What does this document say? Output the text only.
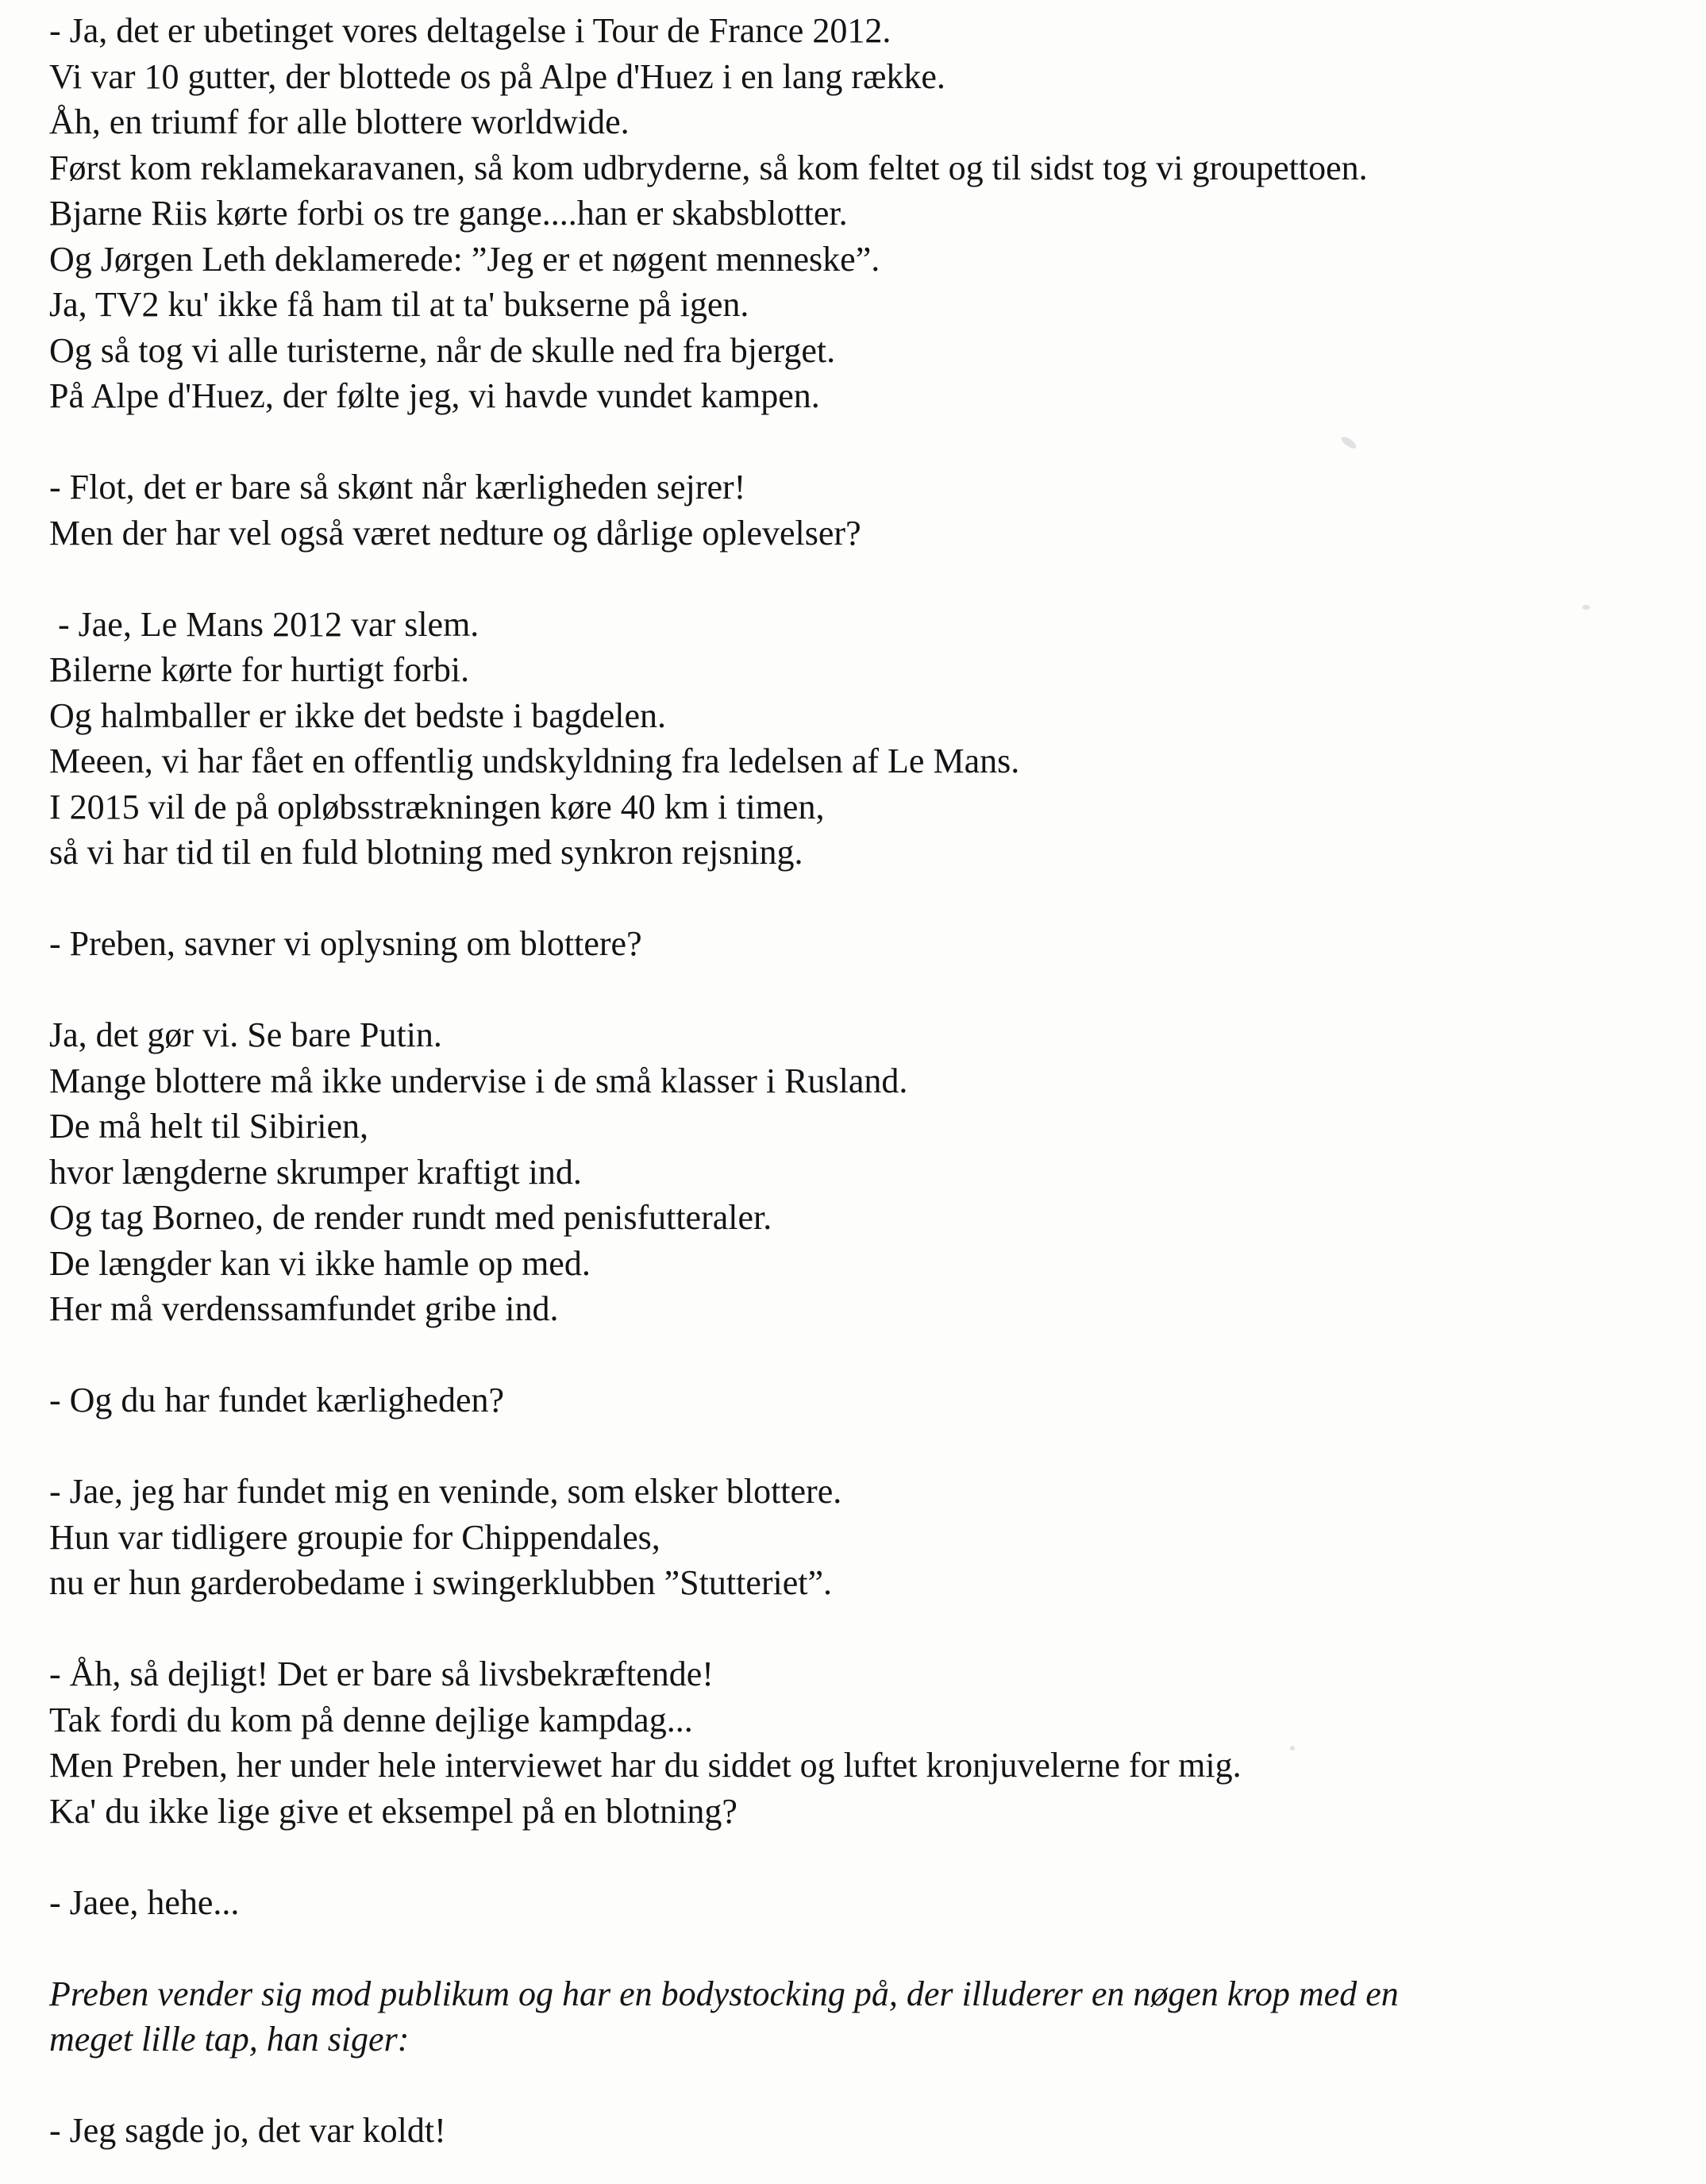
- Ja, det er ubetinget vores deltagelse i Tour de France 2012.
Vi var 10 gutter, der blottede os på Alpe d'Huez i en lang række.
Åh, en triumf for alle blottere worldwide.
Først kom reklamekaravanen, så kom udbryderne, så kom feltet og til sidst tog vi groupettoen.
Bjarne Riis kørte forbi os tre gange....han er skabsblotter.
Og Jørgen Leth deklamerede: ”Jeg er et nøgent menneske”.
Ja, TV2 ku' ikke få ham til at ta' bukserne på igen.
Og så tog vi alle turisterne, når de skulle ned fra bjerget.
På Alpe d'Huez, der følte jeg, vi havde vundet kampen.
- Flot, det er bare så skønt når kærligheden sejrer!
Men der har vel også været nedture og dårlige oplevelser?
- Jae, Le Mans 2012 var slem.
Bilerne kørte for hurtigt forbi.
Og halmballer er ikke det bedste i bagdelen.
Meeen, vi har fået en offentlig undskyldning fra ledelsen af Le Mans.
I 2015 vil de på opløbsstrækningen køre 40 km i timen,
så vi har tid til en fuld blotning med synkron rejsning.
- Preben, savner vi oplysning om blottere?
Ja, det gør vi. Se bare Putin.
Mange blottere må ikke undervise i de små klasser i Rusland.
De må helt til Sibirien,
hvor længderne skrumper kraftigt ind.
Og tag Borneo, de render rundt med penisfutteraler.
De længder kan vi ikke hamle op med.
Her må verdenssamfundet gribe ind.
- Og du har fundet kærligheden?
- Jae, jeg har fundet mig en veninde, som elsker blottere.
Hun var tidligere groupie for Chippendales,
nu er hun garderobedame i swingerklubben ”Stutteriet”.
- Åh, så dejligt! Det er bare så livsbekræftende!
Tak fordi du kom på denne dejlige kampdag...
Men Preben, her under hele interviewet har du siddet og luftet kronjuvelerne for mig.
Ka' du ikke lige give et eksempel på en blotning?
- Jaee, hehe...
Preben vender sig mod publikum og har en bodystocking på, der illuderer en nøgen krop med en
meget lille tap, han siger:
- Jeg sagde jo, det var koldt!
